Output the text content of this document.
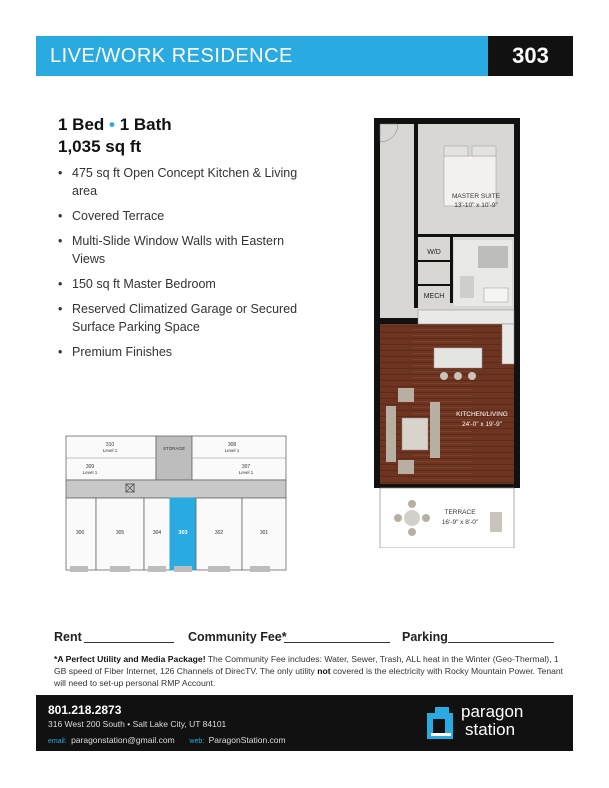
LIVE/WORK RESIDENCE	303
1 Bed • 1 Bath
1,035 sq ft
• 475 sq ft Open Concept Kitchen & Living area
• Covered Terrace
• Multi-Slide Window Walls with Eastern Views
• 150 sq ft Master Bedroom
• Reserved Climatized Garage or Secured Surface Parking Space
• Premium Finishes
MASTER SUITE
13'-10" x 10'-9"
W/D
MECH
KITCHEN/LIVING
24'-0" x 19'-9"
TERRACE
16'-9" x 8'-0"
310
Level 1
309
Level 1
STORAGE
308
Level 1
307
Level 1
306	305	304	303	302	301
Rent	Community Fee*	Parking
*A Perfect Utility and Media Package! The Community Fee includes: Water, Sewer, Trash, ALL heat in the Winter (Geo-Thermal), 1 GB speed of Fiber Internet, 126 Channels of DirecTV. The only utility not covered is the electricity with Rocky Mountain Power. Tenant will need to set-up personal RMP Account.
801.218.2873
316 West 200 South • Salt Lake City, UT 84101
email: paragonstation@gmail.com web: ParagonStation.com
paragon
station
